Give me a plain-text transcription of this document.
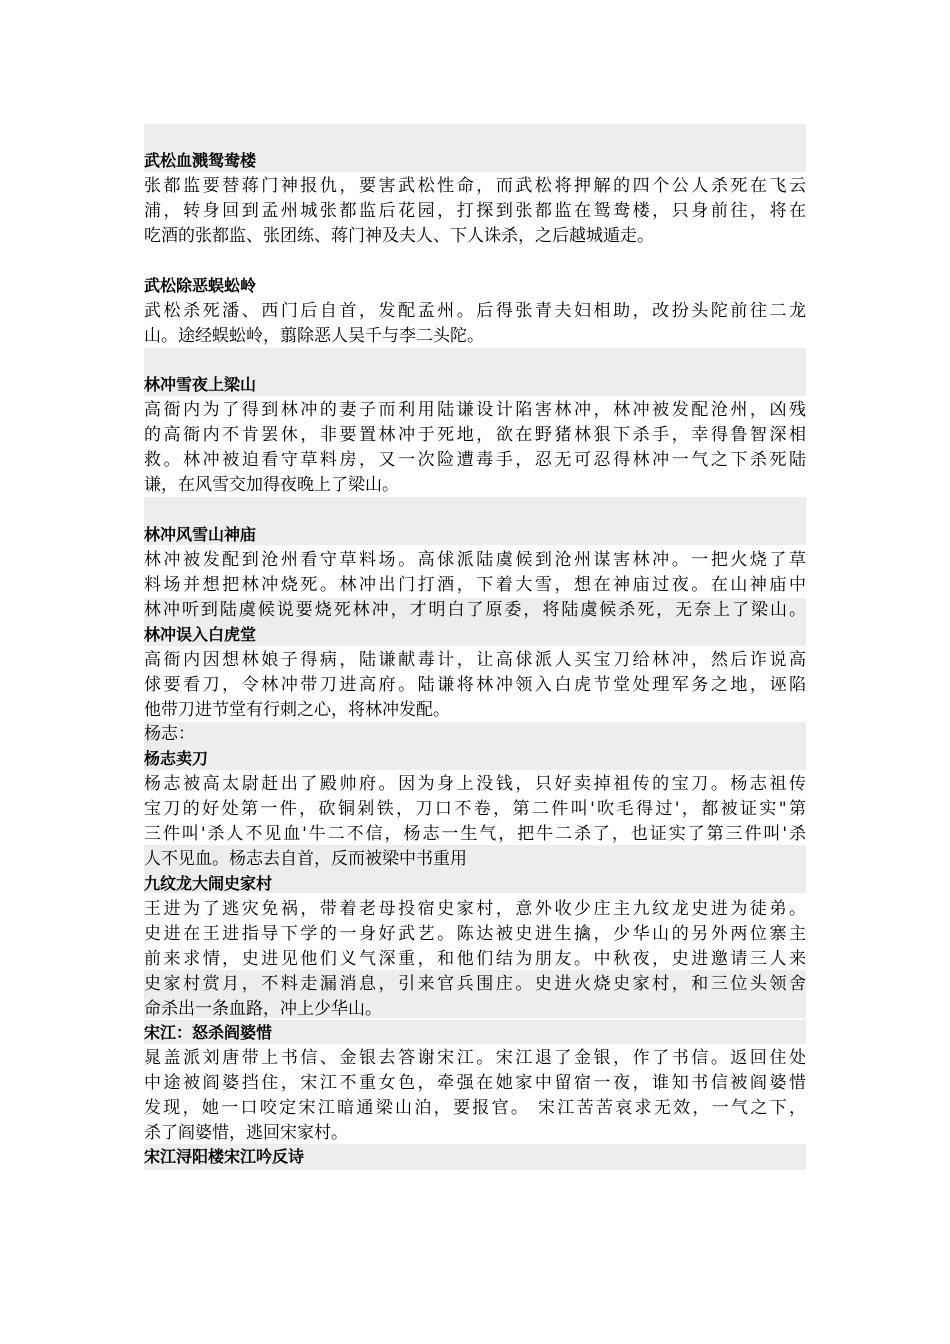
武松血溅鸳鸯楼
张都监要替蒋门神报仇，要害武松性命，而武松将押解的四个公人杀死在飞云
浦，转身回到孟州城张都监后花园，打探到张都监在鸳鸯楼，只身前往，将在
吃酒的张都监、张团练、蒋门神及夫人、下人诛杀，之后越城遁走。
武松除恶蜈蚣岭
武松杀死潘、西门后自首，发配孟州。后得张青夫妇相助，改扮头陀前往二龙
山。途经蜈蚣岭，翦除恶人吴千与李二头陀。
林冲雪夜上梁山
高衙内为了得到林冲的妻子而利用陆谦设计陷害林冲，林冲被发配沧州，凶残
的高衙内不肯罢休，非要置林冲于死地，欲在野猪林狠下杀手，幸得鲁智深相
救。林冲被迫看守草料房，又一次险遭毒手，忍无可忍得林冲一气之下杀死陆
谦，在风雪交加得夜晚上了梁山。
林冲风雪山神庙
林冲被发配到沧州看守草料场。高俅派陆虞候到沧州谋害林冲。一把火烧了草
料场并想把林冲烧死。林冲出门打酒，下着大雪，想在神庙过夜。在山神庙中
林冲听到陆虞候说要烧死林冲，才明白了原委，将陆虞候杀死，无奈上了梁山。
林冲误入白虎堂
高衙内因想林娘子得病，陆谦献毒计，让高俅派人买宝刀给林冲，然后诈说高
俅要看刀，令林冲带刀进高府。陆谦将林冲领入白虎节堂处理军务之地，诬陷
他带刀进节堂有行刺之心，将林冲发配。
杨志：
杨志卖刀
杨志被高太尉赶出了殿帅府。因为身上没钱，只好卖掉祖传的宝刀。杨志祖传
宝刀的好处第一件，砍铜剁铁，刀口不卷，第二件叫'吹毛得过'，都被证实"第
三件叫'杀人不见血'牛二不信，杨志一生气，把牛二杀了，也证实了第三件叫'杀
人不见血。杨志去自首，反而被梁中书重用
九纹龙大闹史家村
王进为了逃灾免祸，带着老母投宿史家村，意外收少庄主九纹龙史进为徒弟。
史进在王进指导下学的一身好武艺。陈达被史进生擒，少华山的另外两位寨主
前来求情，史进见他们义气深重，和他们结为朋友。中秋夜，史进邀请三人来
史家村赏月，不料走漏消息，引来官兵围庄。史进火烧史家村，和三位头领舍
命杀出一条血路，冲上少华山。
宋江：怒杀阎婆惜
晁盖派刘唐带上书信、金银去答谢宋江。宋江退了金银，作了书信。返回住处
中途被阎婆挡住，宋江不重女色，牵强在她家中留宿一夜，谁知书信被阎婆惜
发现，她一口咬定宋江暗通梁山泊，要报官。 宋江苦苦哀求无效，一气之下，
杀了阎婆惜，逃回宋家村。
宋江浔阳楼宋江吟反诗
